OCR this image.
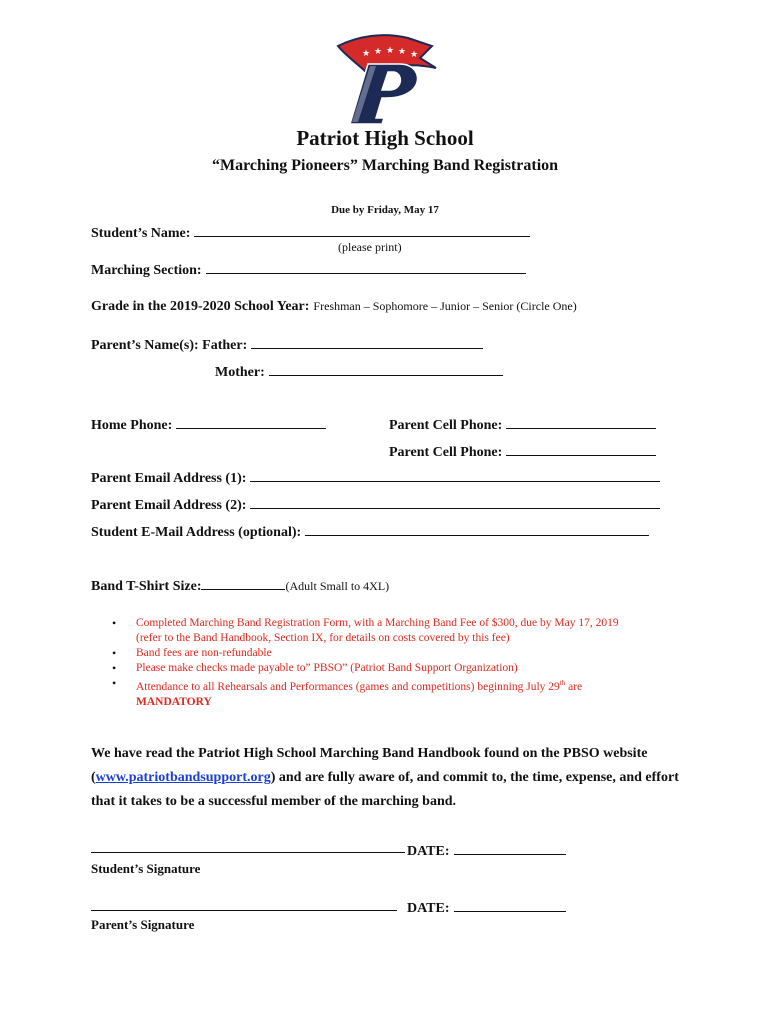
★ ★ ★ ★ ★
Patriot High School
“Marching Pioneers” Marching Band Registration
Due by Friday, May 17
Student’s Name:
(please print)
Marching Section:
Grade in the 2019-2020 School Year: Freshman – Sophomore – Junior – Senior (Circle One)
Parent’s Name(s): Father:
Mother:
Home Phone:	Parent Cell Phone:
Parent Cell Phone:
Parent Email Address (1):
Parent Email Address (2):
Student E-Mail Address (optional):
Band T-Shirt Size:	(Adult Small to 4XL)
• Completed Marching Band Registration Form, with a Marching Band Fee of $300, due by May 17, 2019
(refer to the Band Handbook, Section IX, for details on costs covered by this fee)
• Band fees are non-refundable
• Please make checks made payable to” PBSO” (Patriot Band Support Organization)
• Attendance to all Rehearsals and Performances (games and competitions) beginning July 29th are
MANDATORY
We have read the Patriot High School Marching Band Handbook found on the PBSO website (www.patriotbandsupport.org) and are fully aware of, and commit to, the time, expense, and effort that it takes to be a successful member of the marching band.
DATE:
Student’s Signature
DATE:
Parent’s Signature
